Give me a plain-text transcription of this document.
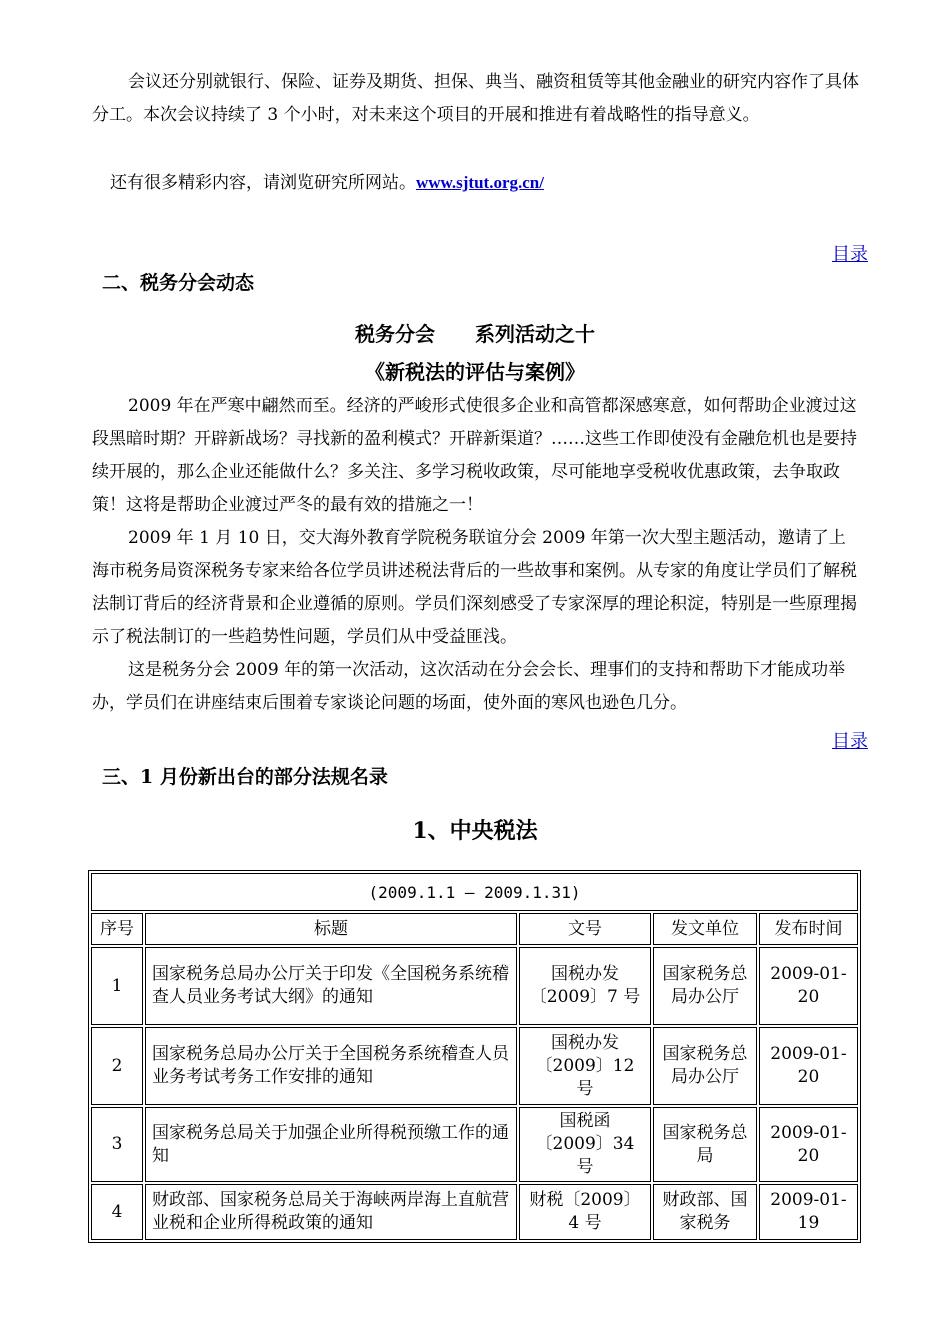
会议还分别就银行、保险、证券及期货、担保、典当、融资租赁等其他金融业的研究内容作了具体分工。本次会议持续了 3 个小时，对未来这个项目的开展和推进有着战略性的指导意义。

还有很多精彩内容，请浏览研究所网站。www.sjtut.org.cn/

目录
二、税务分会动态

税务分会　　系列活动之十

《新税法的评估与案例》

2009 年在严寒中翩然而至。经济的严峻形式使很多企业和高管都深感寒意，如何帮助企业渡过这段黑暗时期？开辟新战场？寻找新的盈利模式？开辟新渠道？……这些工作即使没有金融危机也是要持续开展的，那么企业还能做什么？多关注、多学习税收政策，尽可能地享受税收优惠政策，去争取政策！这将是帮助企业渡过严冬的最有效的措施之一！

2009 年 1 月 10 日，交大海外教育学院税务联谊分会 2009 年第一次大型主题活动，邀请了上海市税务局资深税务专家来给各位学员讲述税法背后的一些故事和案例。从专家的角度让学员们了解税法制订背后的经济背景和企业遵循的原则。学员们深刻感受了专家深厚的理论积淀，特别是一些原理揭示了税法制订的一些趋势性问题，学员们从中受益匪浅。

这是税务分会 2009 年的第一次活动，这次活动在分会会长、理事们的支持和帮助下才能成功举办，学员们在讲座结束后围着专家谈论问题的场面，使外面的寒风也逊色几分。

目录
三、1 月份新出台的部分法规名录

1、中央税法

(2009.1.1 — 2009.1.31)				
序号	标题	文号	发文单位	发布时间
1	国家税务总局办公厅关于印发《全国税务系统稽查人员业务考试大纲》的通知	国税办发〔2009〕7 号	国家税务总局办公厅	2009-01-20
2	国家税务总局办公厅关于全国税务系统稽查人员业务考试考务工作安排的通知	国税办发〔2009〕12 号	国家税务总局办公厅	2009-01-20
3	国家税务总局关于加强企业所得税预缴工作的通知	国税函〔2009〕34 号	国家税务总局	2009-01-20
4	财政部、国家税务总局关于海峡两岸海上直航营业税和企业所得税政策的通知	财税〔2009〕4 号	财政部、国家税务	2009-01-19
